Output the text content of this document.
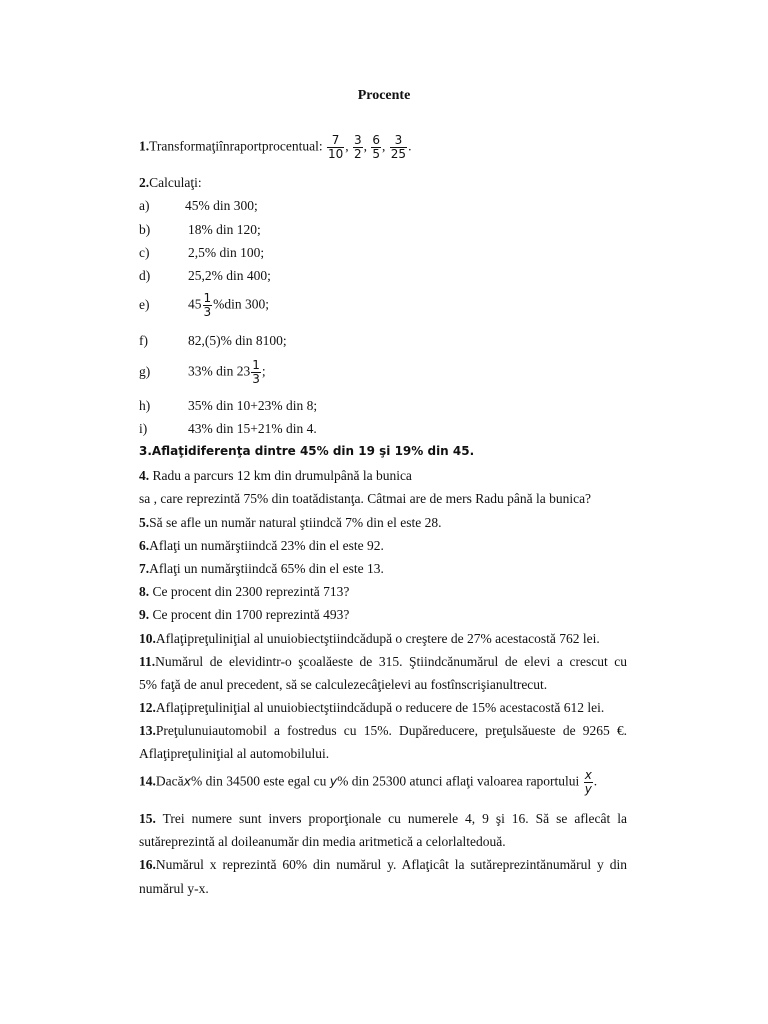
Procente
1.Transformaţiînraportprocentual: $\frac{7}{10}$ , $\frac{3}{2}$ , $\frac{6}{5}$ , $\frac{3}{25}$ .
2.Calculaţi:
a)	45% din 300;
b)	18% din 120;
c)	2,5% din 100;
d)	25,2% din 400;
e)	$45 \frac{1}{3} \%din$ 300;
f)	82,(5)% din 8100;
g)	33% din $23 \frac{1}{3}$ ;
h)	35% din 10+23% din 8;
i)	43% din 15+21% din 4.
3.Aflaţidiferenţa dintre 45% din 19 şi 19% din 45.
4. Radu a parcurs 12 km din drumulpână la bunica
sa , care reprezintă 75% din toatădistanţa. Câtmai are de mers Radu până la bunica?
5.Să se afle un număr natural ştiindcă 7% din el este 28.
6.Aflaţi un numărştiindcă 23% din el este 92.
7.Aflaţi un numărştiindcă 65% din el este 13.
8. Ce procent din 2300 reprezintă 713?
9. Ce procent din 1700 reprezintă 493?
10.Aflaţipreţuliniţial al unuiobiectştiindcădupă o creştere de 27% acestacostă 762 lei.
11.Numărul de elevidintr-o şcoalăeste de 315. Ştiindcănumărul de elevi a crescut cu
5% faţă de anul precedent, să se calculezecâţielevi au fostînscrişianultrecut.
12.Aflaţipreţuliniţial al unuiobiectştiindcădupă o reducere de 15% acestacostă 612 lei.
13.Preţulunuiautomobil a fostredus cu 15%. Dupăreducere, preţulsăueste de 9265 €.
Aflaţipreţuliniţial al automobilului.
14.Dacăx% din 34500 este egal cu y% din 25300 atunci aflaţi valoarea raportului $\frac{x}{y}$ .
15. Trei numere sunt invers proporţionale cu numerele 4, 9 şi 16. Să se aflecât la
sutăreprezintă al doileanumăr din media aritmetică a celorlaltedouă.
16.Numărul x reprezintă 60% din numărul y. Aflaţicât la sutăreprezintănumărul y din
numărul y-x.
